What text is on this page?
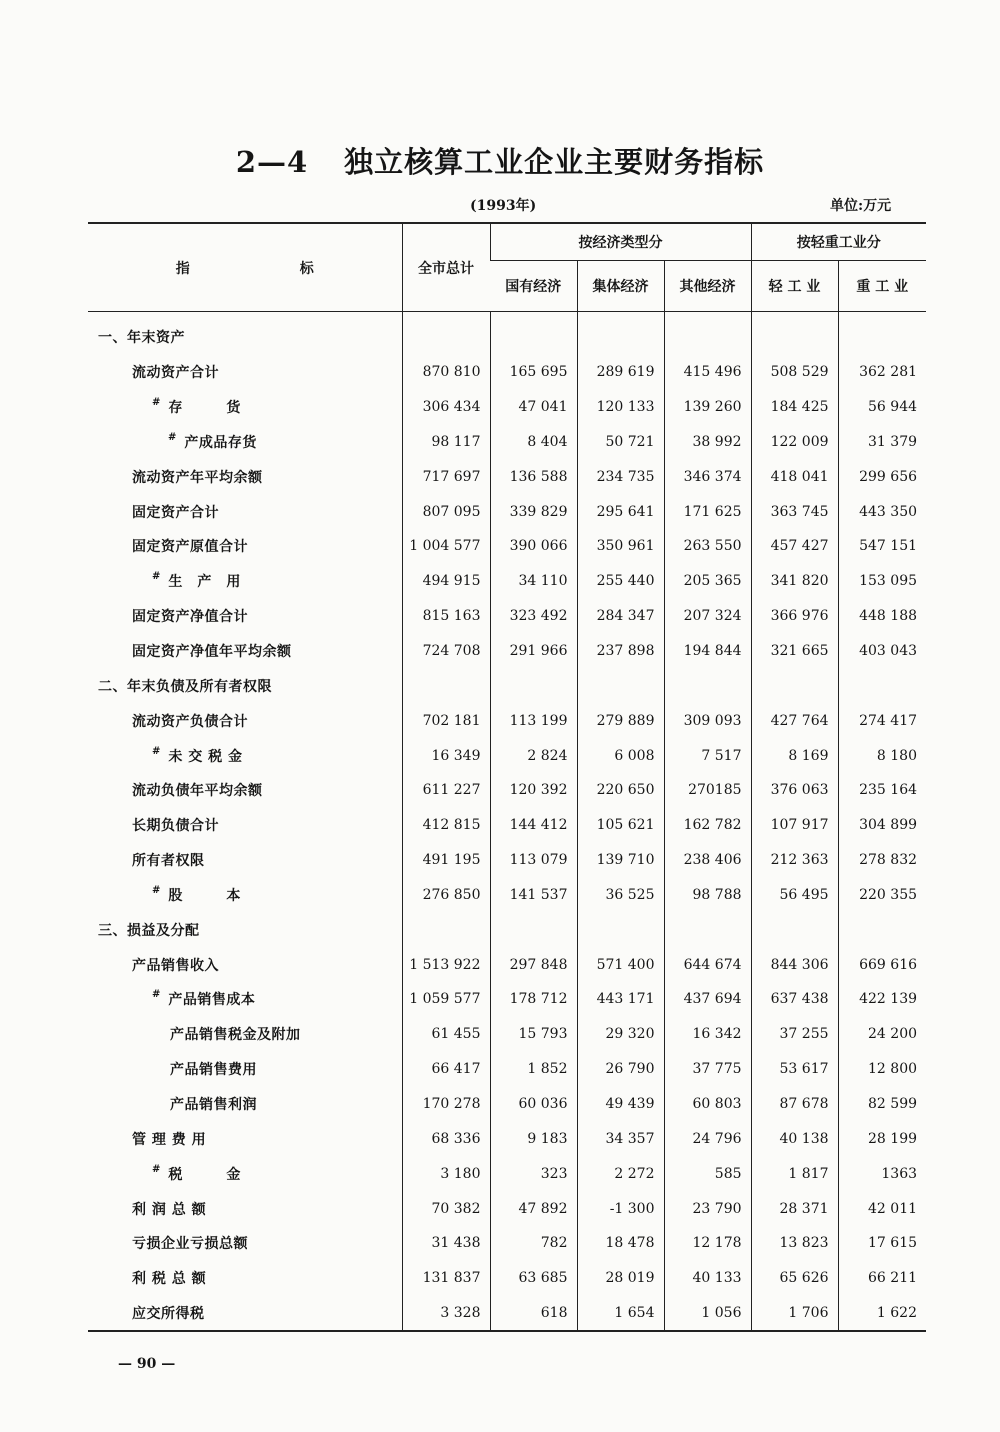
2—4 独立核算工业企业主要财务指标
(1993年)	单位:万元
指 标	全市总计	按经济类型分			按轻重工业分	
		国有经济	集体经济	其他经济	轻 工 业	重 工 业
一、年末资产						
流动资产合计	870 810	165 695	289 619	415 496	508 529	362 281
# 存　　　货	306 434	47 041	120 133	139 260	184 425	56 944
# 产成品存货	98 117	8 404	50 721	38 992	122 009	31 379
流动资产年平均余额	717 697	136 588	234 735	346 374	418 041	299 656
固定资产合计	807 095	339 829	295 641	171 625	363 745	443 350
固定资产原值合计	1 004 577	390 066	350 961	263 550	457 427	547 151
# 生　产　用	494 915	34 110	255 440	205 365	341 820	153 095
固定资产净值合计	815 163	323 492	284 347	207 324	366 976	448 188
固定资产净值年平均余额	724 708	291 966	237 898	194 844	321 665	403 043
二、年末负债及所有者权限						
流动资产负债合计	702 181	113 199	279 889	309 093	427 764	274 417
# 未 交 税 金	16 349	2 824	6 008	7 517	8 169	8 180
流动负债年平均余额	611 227	120 392	220 650	270185	376 063	235 164
长期负债合计	412 815	144 412	105 621	162 782	107 917	304 899
所有者权限	491 195	113 079	139 710	238 406	212 363	278 832
# 股　　　本	276 850	141 537	36 525	98 788	56 495	220 355
三、损益及分配						
产品销售收入	1 513 922	297 848	571 400	644 674	844 306	669 616
# 产品销售成本	1 059 577	178 712	443 171	437 694	637 438	422 139
产品销售税金及附加	61 455	15 793	29 320	16 342	37 255	24 200
产品销售费用	66 417	1 852	26 790	37 775	53 617	12 800
产品销售利润	170 278	60 036	49 439	60 803	87 678	82 599
管 理 费 用	68 336	9 183	34 357	24 796	40 138	28 199
# 税　　　金	3 180	323	2 272	585	1 817	1363
利 润 总 额	70 382	47 892	-1 300	23 790	28 371	42 011
亏损企业亏损总额	31 438	782	18 478	12 178	13 823	17 615
利 税 总 额	131 837	63 685	28 019	40 133	65 626	66 211
应交所得税	3 328	618	1 654	1 056	1 706	1 622
— 90 —
